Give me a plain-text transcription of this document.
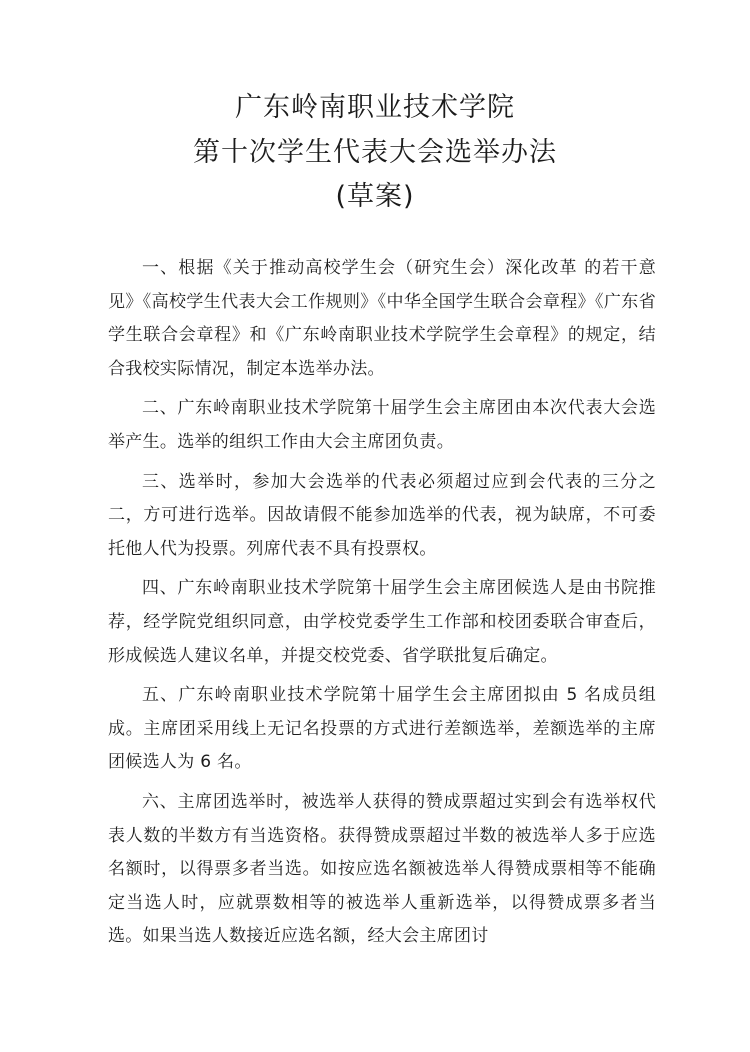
广东岭南职业技术学院
第十次学生代表大会选举办法
(草案)

一、根据《关于推动高校学生会（研究生会）深化改革 的若干意见》《高校学生代表大会工作规则》《中华全国学生联合会章程》《广东省学生联合会章程》和《广东岭南职业技术学院学生会章程》的规定，结合我校实际情况，制定本选举办法。

二、广东岭南职业技术学院第十届学生会主席团由本次代表大会选举产生。选举的组织工作由大会主席团负责。

三、选举时，参加大会选举的代表必须超过应到会代表的三分之二，方可进行选举。因故请假不能参加选举的代表，视为缺席，不可委托他人代为投票。列席代表不具有投票权。

四、广东岭南职业技术学院第十届学生会主席团候选人是由书院推荐，经学院党组织同意，由学校党委学生工作部和校团委联合审查后，形成候选人建议名单，并提交校党委、省学联批复后确定。

五、广东岭南职业技术学院第十届学生会主席团拟由 5 名成员组成。主席团采用线上无记名投票的方式进行差额选举，差额选举的主席团候选人为 6 名。

六、主席团选举时，被选举人获得的赞成票超过实到会有选举权代表人数的半数方有当选资格。获得赞成票超过半数的被选举人多于应选名额时，以得票多者当选。如按应选名额被选举人得赞成票相等不能确定当选人时，应就票数相等的被选举人重新选举，以得赞成票多者当选。如果当选人数接近应选名额，经大会主席团讨
